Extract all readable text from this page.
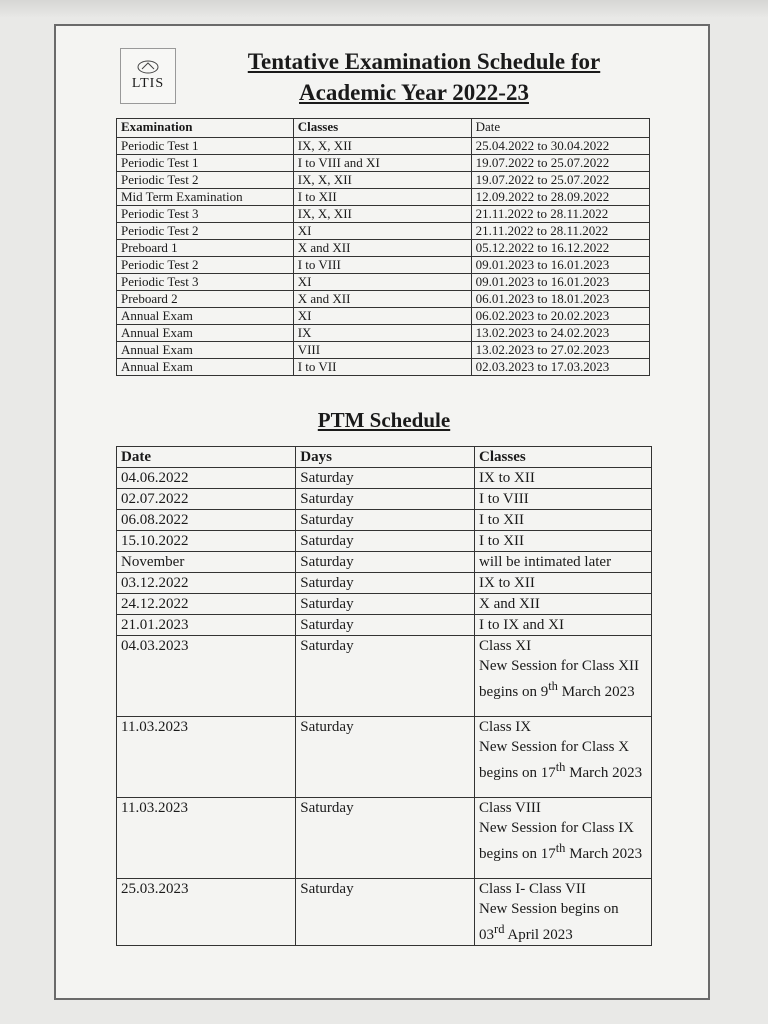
LTIS
Tentative Examination Schedule for
Academic Year 2022-23
Examination	Classes	Date
Periodic Test 1	IX, X, XII	25.04.2022 to 30.04.2022
Periodic Test 1	I to VIII and XI	19.07.2022 to 25.07.2022
Periodic Test 2	IX, X, XII	19.07.2022 to 25.07.2022
Mid Term Examination	I to XII	12.09.2022 to 28.09.2022
Periodic Test 3	IX, X, XII	21.11.2022 to 28.11.2022
Periodic Test 2	XI	21.11.2022 to 28.11.2022
Preboard 1	X and XII	05.12.2022 to 16.12.2022
Periodic Test 2	I to VIII	09.01.2023 to 16.01.2023
Periodic Test 3	XI	09.01.2023 to 16.01.2023
Preboard 2	X and XII	06.01.2023 to 18.01.2023
Annual Exam	XI	06.02.2023 to 20.02.2023
Annual Exam	IX	13.02.2023 to 24.02.2023
Annual Exam	VIII	13.02.2023 to 27.02.2023
Annual Exam	I to VII	02.03.2023 to 17.03.2023
PTM Schedule
Date	Days	Classes
04.06.2022	Saturday	IX to XII
02.07.2022	Saturday	I to VIII
06.08.2022	Saturday	I to XII
15.10.2022	Saturday	I to XII
November	Saturday	will be intimated later
03.12.2022	Saturday	IX to XII
24.12.2022	Saturday	X and XII
21.01.2023	Saturday	I to IX and XI
04.03.2023	Saturday	Class XI
New Session for Class XII begins on 9th March 2023

11.03.2023	Saturday	Class IX
New Session for Class X begins on 17th March 2023

11.03.2023	Saturday	Class VIII
New Session for Class IX begins on 17th March 2023

25.03.2023	Saturday	Class I- Class VII
New Session begins on 03rd April 2023
